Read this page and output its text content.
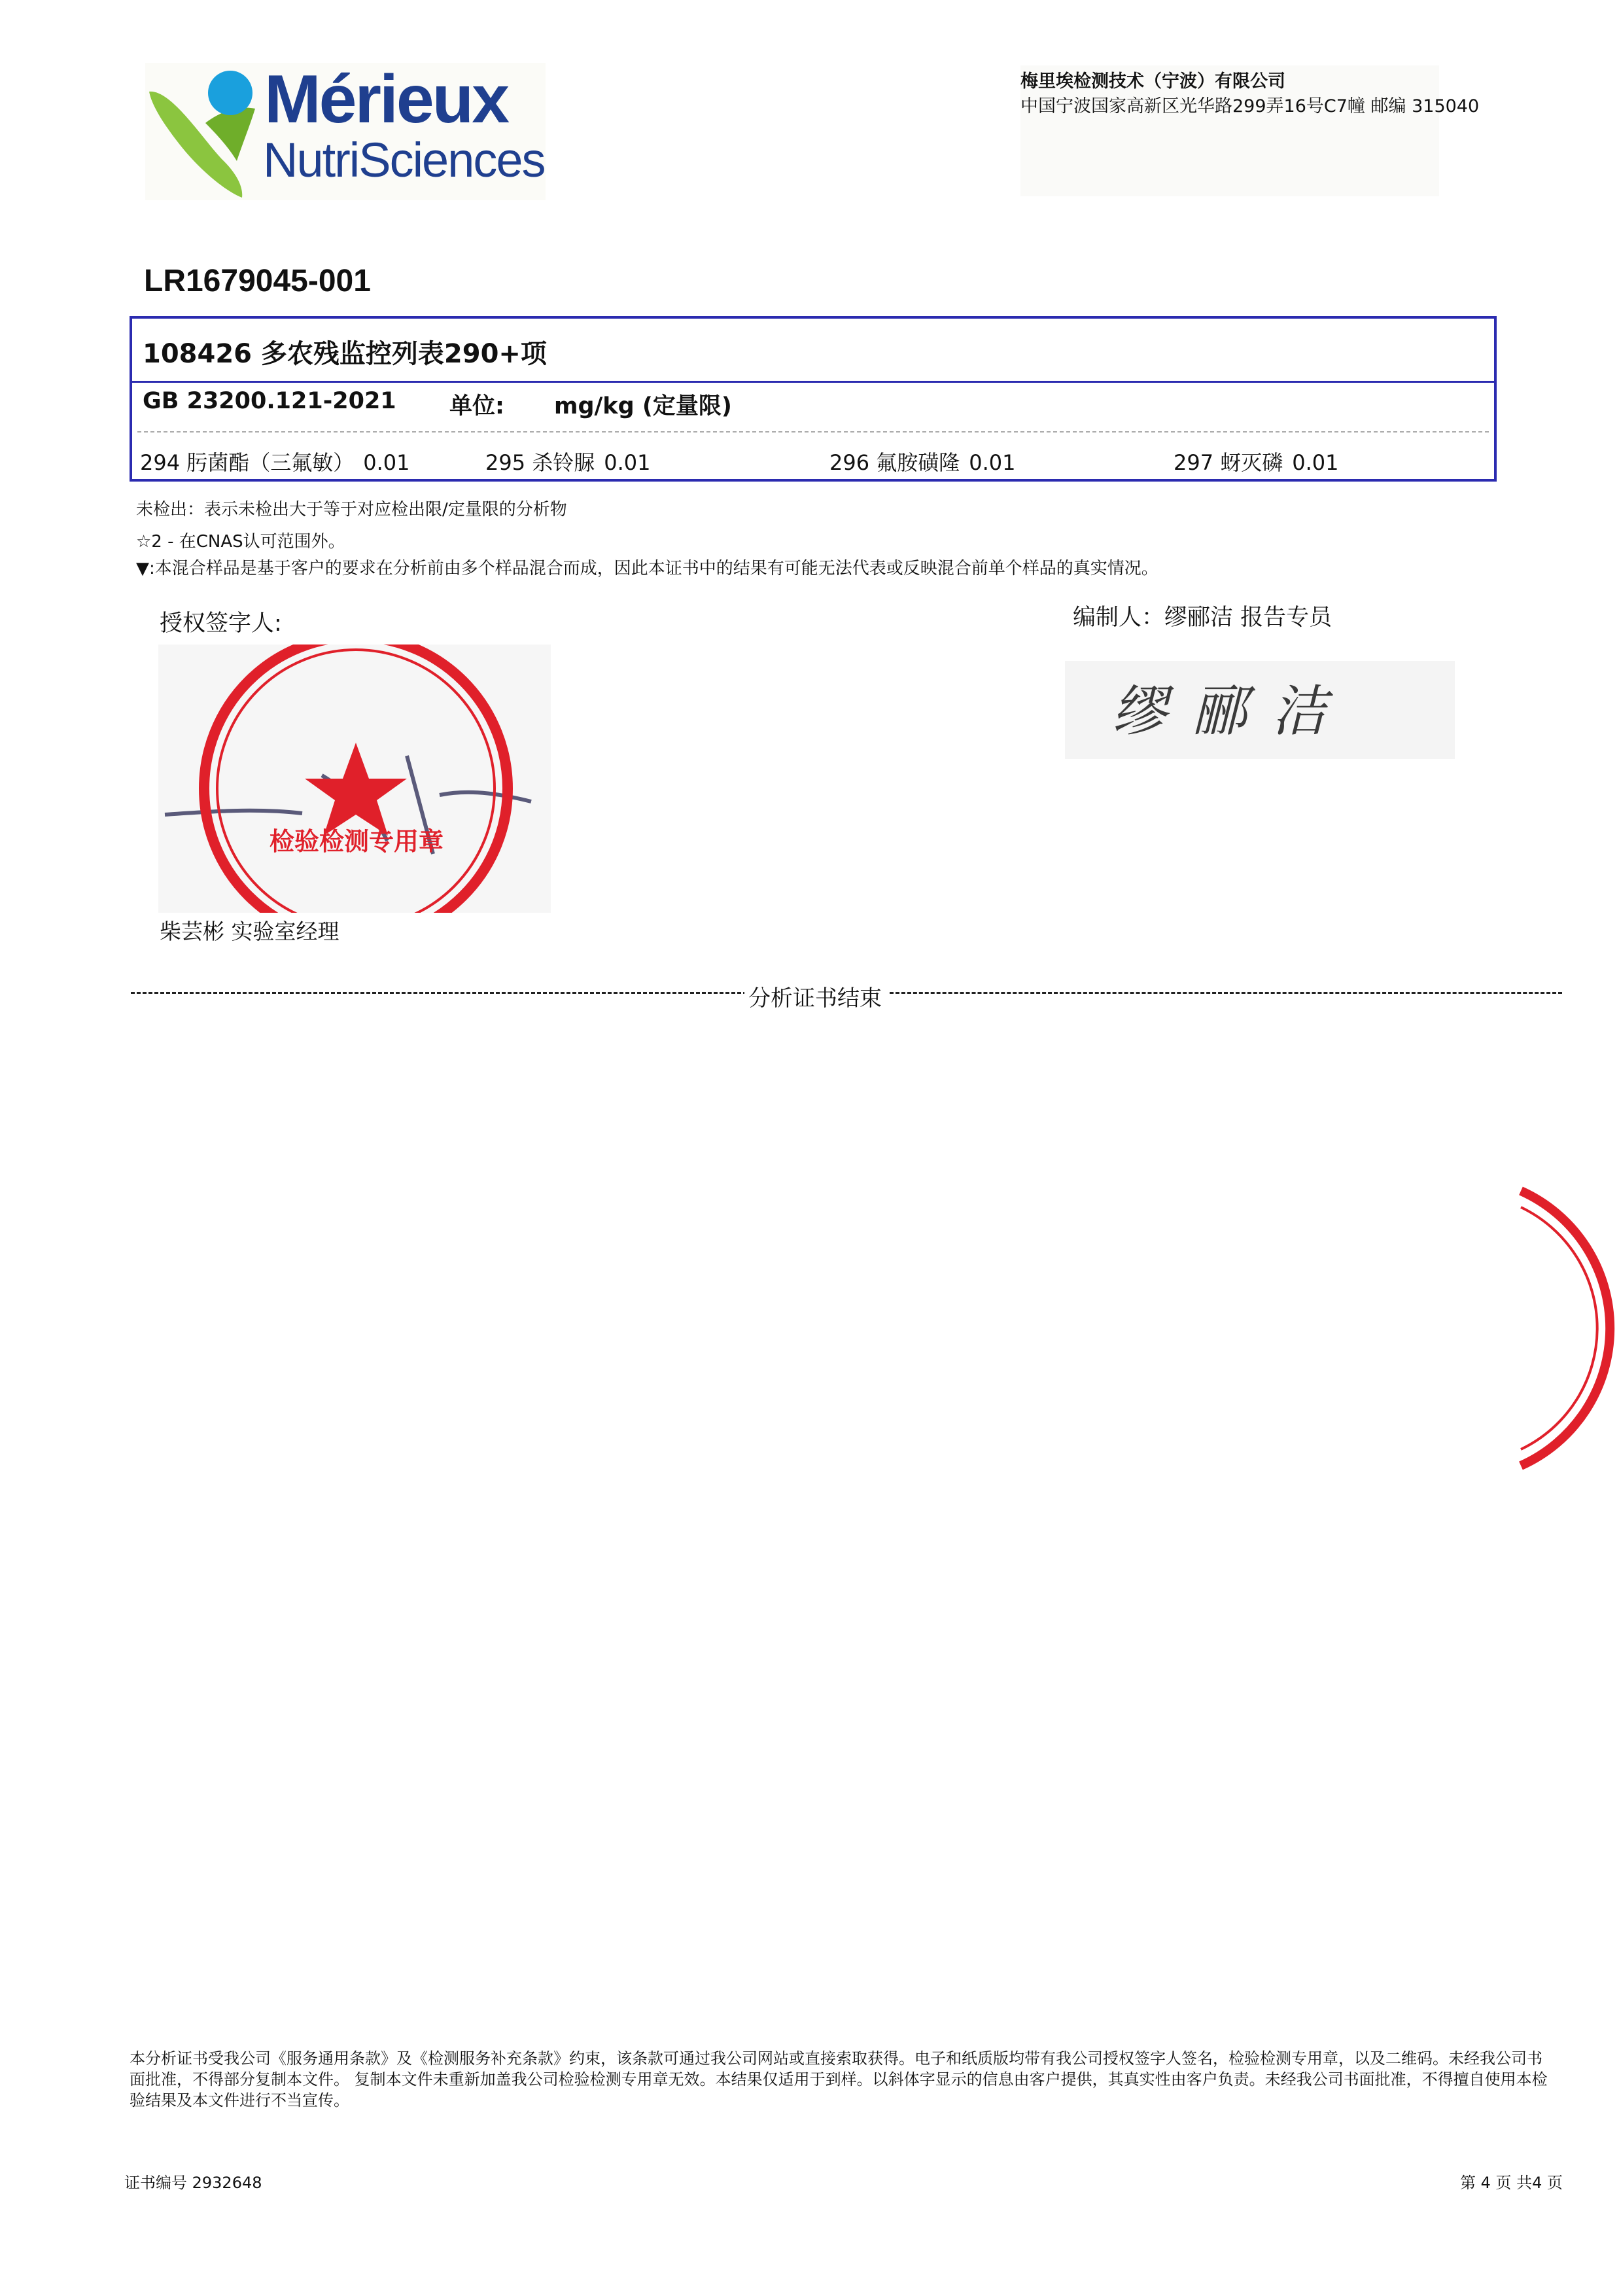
Mérieux
NutriSciences
梅里埃检测技术（宁波）有限公司
中国宁波国家高新区光华路299弄16号C7幢 邮编 315040
LR1679045-001
108426 多农残监控列表290+项
GB 23200.121-2021 单位: mg/kg (定量限)
294 肟菌酯（三氟敏） 0.01	295 杀铃脲 0.01	296 氟胺磺隆 0.01	297 蚜灭磷 0.01
未检出：表示未检出大于等于对应检出限/定量限的分析物
☆2 - 在CNAS认可范围外。
▼:本混合样品是基于客户的要求在分析前由多个样品混合而成，因此本证书中的结果有可能无法代表或反映混合前单个样品的真实情况。
授权签字人:	编制人：缪郦洁 报告专员
检验检测专用章
柴芸彬 实验室经理
缪郦洁
分析证书结束
本分析证书受我公司《服务通用条款》及《检测服务补充条款》约束，该条款可通过我公司网站或直接索取获得。电子和纸质版均带有我公司授权签字人签名，检验检测专用章，以及二维码。未经我公司书面批准，不得部分复制本文件。 复制本文件未重新加盖我公司检验检测专用章无效。本结果仅适用于到样。以斜体字显示的信息由客户提供，其真实性由客户负责。未经我公司书面批准，不得擅自使用本检验结果及本文件进行不当宣传。
证书编号 2932648	第 4 页 共4 页
